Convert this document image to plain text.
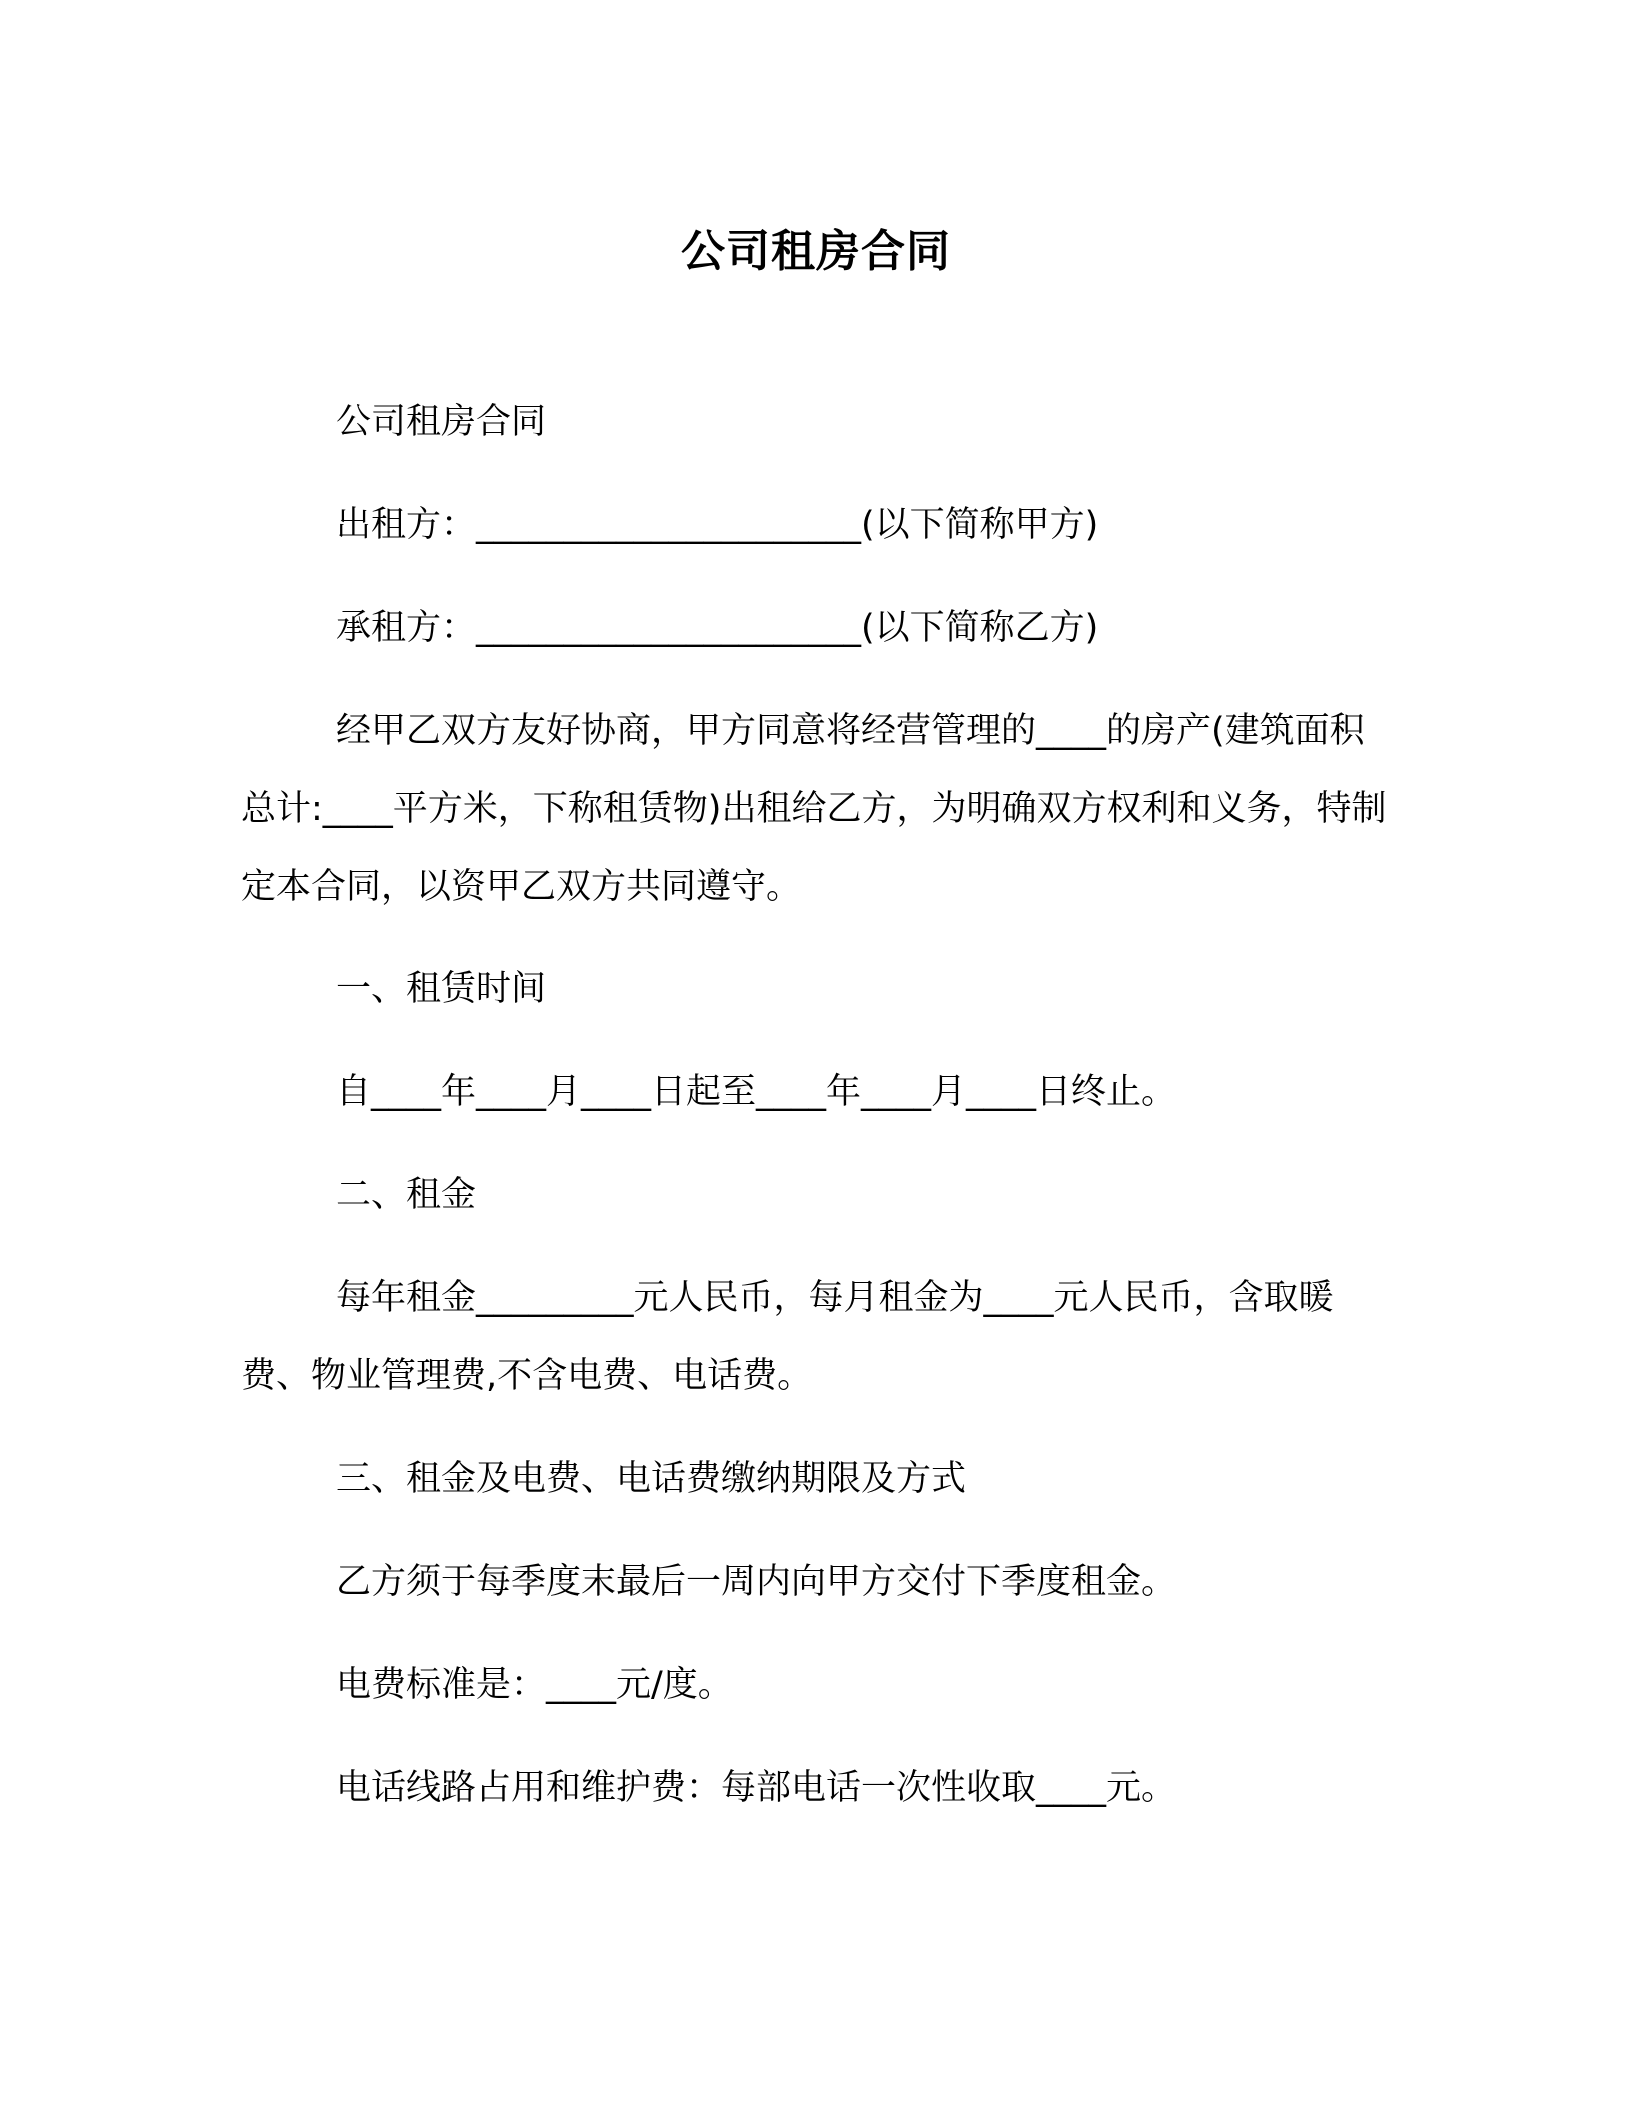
公司租房合同
公司租房合同
出租方：______________________(以下简称甲方)
承租方：______________________(以下简称乙方)
经甲乙双方友好协商，甲方同意将经营管理的____的房产(建筑面积总计:____平方米，下称租赁物)出租给乙方，为明确双方权利和义务，特制定本合同，以资甲乙双方共同遵守。
一、租赁时间
自____年____月____日起至____年____月____日终止。
二、租金
每年租金_________元人民币，每月租金为____元人民币，含取暖费、物业管理费,不含电费、电话费。
三、租金及电费、电话费缴纳期限及方式
乙方须于每季度末最后一周内向甲方交付下季度租金。
电费标准是：____元/度。
电话线路占用和维护费：每部电话一次性收取____元。
